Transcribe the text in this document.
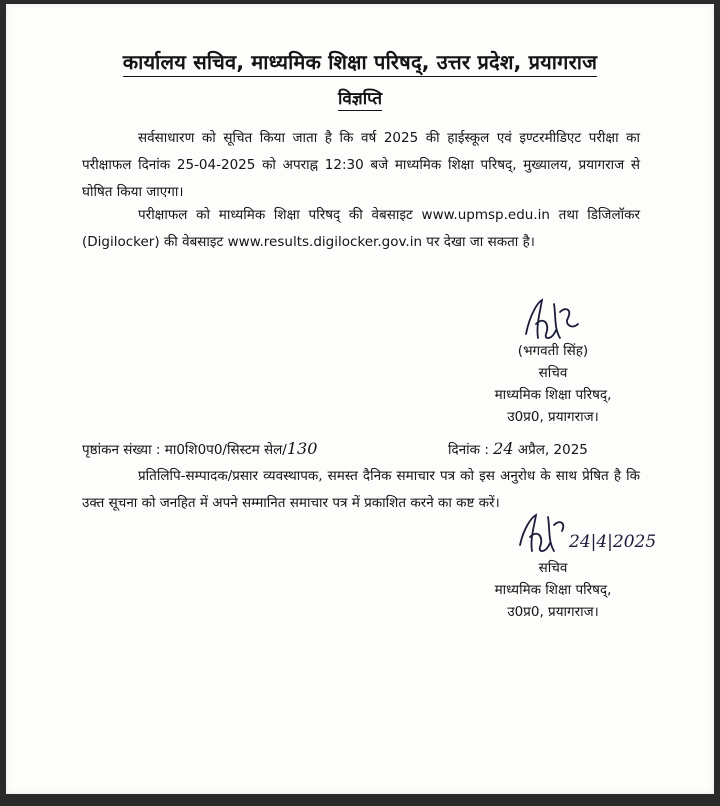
कार्यालय सचिव, माध्यमिक शिक्षा परिषद्, उत्तर प्रदेश, प्रयागराज
विज्ञप्ति
सर्वसाधारण को सूचित किया जाता है कि वर्ष 2025 की हाईस्कूल एवं इण्टरमीडिएट परीक्षा का परीक्षाफल दिनांक 25-04-2025 को अपराह्न 12:30 बजे माध्यमिक शिक्षा परिषद्, मुख्यालय, प्रयागराज से घोषित किया जाएगा।
परीक्षाफल को माध्यमिक शिक्षा परिषद् की वेबसाइट www.upmsp.edu.in तथा डिजिलॉकर (Digilocker) की वेबसाइट www.results.digilocker.gov.in पर देखा जा सकता है।
(भगवती सिंह)
सचिव
माध्यमिक शिक्षा परिषद्,
उ0प्र0, प्रयागराज।
पृष्ठांकन संख्या : मा0शि0प0/सिस्टम सेल/130	दिनांक : 24 अप्रैल, 2025
प्रतिलिपि-सम्पादक/प्रसार व्यवस्थापक, समस्त दैनिक समाचार पत्र को इस अनुरोध के साथ प्रेषित है कि उक्त सूचना को जनहित में अपने सम्मानित समाचार पत्र में प्रकाशित करने का कष्ट करें।
24|4|2025
सचिव
माध्यमिक शिक्षा परिषद्,
उ0प्र0, प्रयागराज।
